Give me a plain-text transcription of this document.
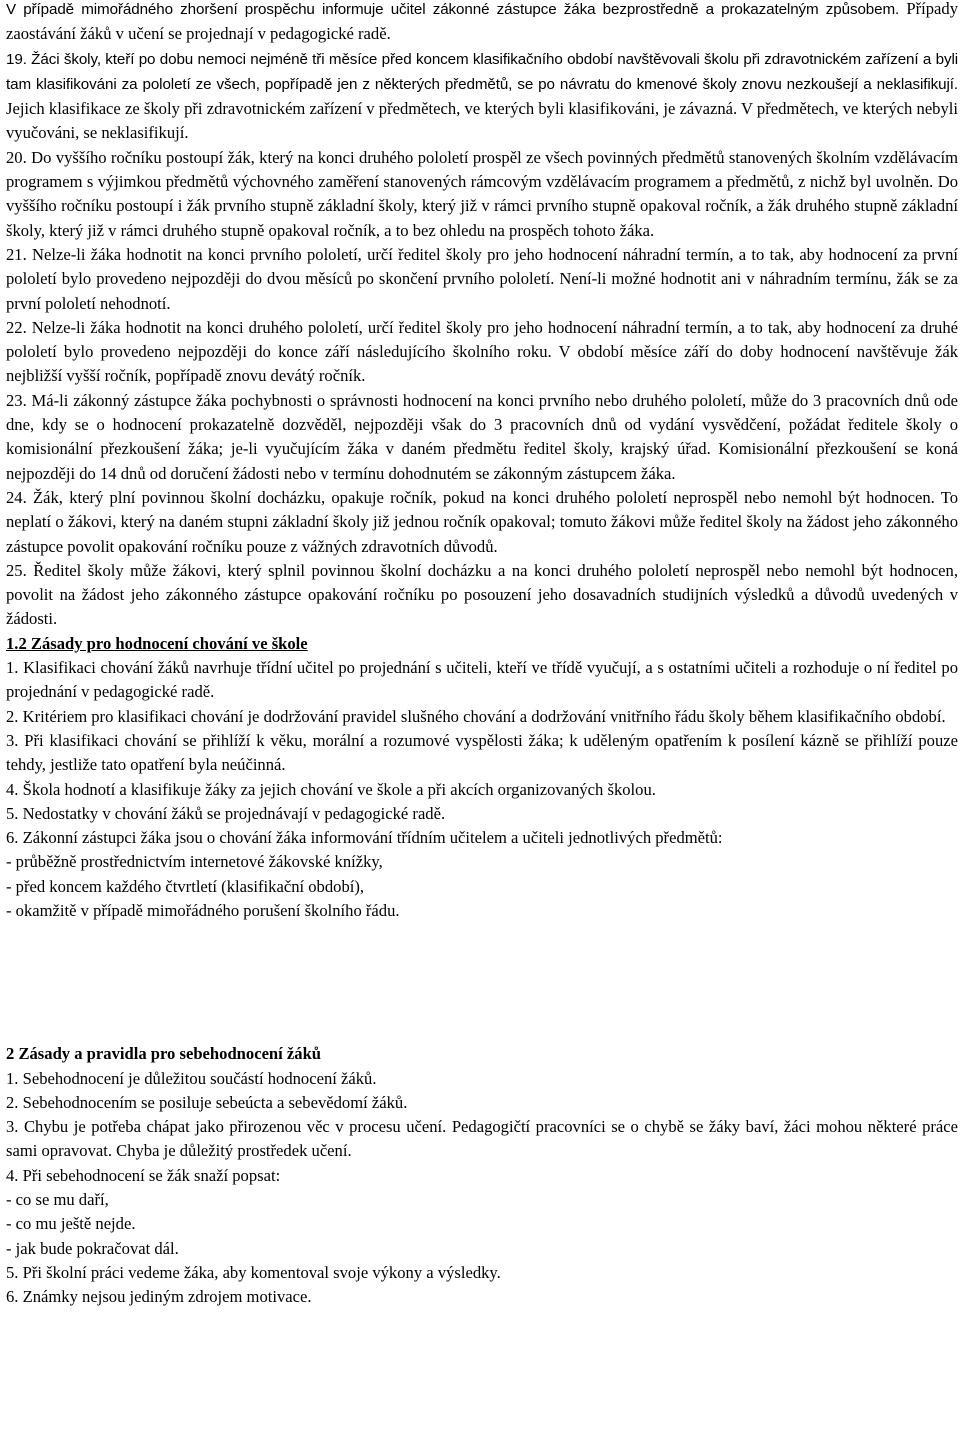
V případě mimořádného zhoršení prospěchu informuje učitel zákonné zástupce žáka bezprostředně a prokazatelným způsobem. Případy zaostávání žáků v učení se projednají v pedagogické radě.

19. Žáci školy, kteří po dobu nemoci nejméně tři měsíce před koncem klasifikačního období navštěvovali školu při zdravotnickém zařízení a byli tam klasifikováni za pololetí ze všech, popřípadě jen z některých předmětů, se po návratu do kmenové školy znovu nezkoušejí a neklasifikují. Jejich klasifikace ze školy při zdravotnickém zařízení v předmětech, ve kterých byli klasifikováni, je závazná. V předmětech, ve kterých nebyli vyučováni, se neklasifikují.

20. Do vyššího ročníku postoupí žák, který na konci druhého pololetí prospěl ze všech povinných předmětů stanovených školním vzdělávacím programem s výjimkou předmětů výchovného zaměření stanovených rámcovým vzdělávacím programem a předmětů, z nichž byl uvolněn. Do vyššího ročníku postoupí i žák prvního stupně základní školy, který již v rámci prvního stupně opakoval ročník, a žák druhého stupně základní školy, který již v rámci druhého stupně opakoval ročník, a to bez ohledu na prospěch tohoto žáka.

21. Nelze-li žáka hodnotit na konci prvního pololetí, určí ředitel školy pro jeho hodnocení náhradní termín, a to tak, aby hodnocení za první pololetí bylo provedeno nejpozději do dvou měsíců po skončení prvního pololetí. Není-li možné hodnotit ani v náhradním termínu, žák se za první pololetí nehodnotí.

22. Nelze-li žáka hodnotit na konci druhého pololetí, určí ředitel školy pro jeho hodnocení náhradní termín, a to tak, aby hodnocení za druhé pololetí bylo provedeno nejpozději do konce září následujícího školního roku. V období měsíce září do doby hodnocení navštěvuje žák nejbližší vyšší ročník, popřípadě znovu devátý ročník.

23. Má-li zákonný zástupce žáka pochybnosti o správnosti hodnocení na konci prvního nebo druhého pololetí, může do 3 pracovních dnů ode dne, kdy se o hodnocení prokazatelně dozvěděl, nejpozději však do 3 pracovních dnů od vydání vysvědčení, požádat ředitele školy o komisionální přezkoušení žáka; je-li vyučujícím žáka v daném předmětu ředitel školy, krajský úřad. Komisionální přezkoušení se koná nejpozději do 14 dnů od doručení žádosti nebo v termínu dohodnutém se zákonným zástupcem žáka.

24. Žák, který plní povinnou školní docházku, opakuje ročník, pokud na konci druhého pololetí neprospěl nebo nemohl být hodnocen. To neplatí o žákovi, který na daném stupni základní školy již jednou ročník opakoval; tomuto žákovi může ředitel školy na žádost jeho zákonného zástupce povolit opakování ročníku pouze z vážných zdravotních důvodů.

25. Ředitel školy může žákovi, který splnil povinnou školní docházku a na konci druhého pololetí neprospěl nebo nemohl být hodnocen, povolit na žádost jeho zákonného zástupce opakování ročníku po posouzení jeho dosavadních studijních výsledků a důvodů uvedených v žádosti.

1.2 Zásady pro hodnocení chování ve škole

1. Klasifikaci chování žáků navrhuje třídní učitel po projednání s učiteli, kteří ve třídě vyučují, a s ostatními učiteli a rozhoduje o ní ředitel po projednání v pedagogické radě.

2. Kritériem pro klasifikaci chování je dodržování pravidel slušného chování a dodržování vnitřního řádu školy během klasifikačního období.

3. Při klasifikaci chování se přihlíží k věku, morální a rozumové vyspělosti žáka; k uděleným opatřením k posílení kázně se přihlíží pouze tehdy, jestliže tato opatření byla neúčinná.

4. Škola hodnotí a klasifikuje žáky za jejich chování ve škole a při akcích organizovaných školou.

5. Nedostatky v chování žáků se projednávají v pedagogické radě.

6. Zákonní zástupci žáka jsou o chování žáka informování třídním učitelem a učiteli jednotlivých předmětů:

- průběžně prostřednictvím internetové žákovské knížky,

- před koncem každého čtvrtletí (klasifikační období),

- okamžitě v případě mimořádného porušení školního řádu.

2 Zásady a pravidla pro sebehodnocení žáků

1. Sebehodnocení je důležitou součástí hodnocení žáků.

2. Sebehodnocením se posiluje sebeúcta a sebevědomí žáků.

3. Chybu je potřeba chápat jako přirozenou věc v procesu učení. Pedagogičtí pracovníci se o chybě se žáky baví, žáci mohou některé práce sami opravovat. Chyba je důležitý prostředek učení.

4. Při sebehodnocení se žák snaží popsat:

- co se mu daří,

- co mu ještě nejde.

- jak bude pokračovat dál.

5. Při školní práci vedeme žáka, aby komentoval svoje výkony a výsledky.

6. Známky nejsou jediným zdrojem motivace.
